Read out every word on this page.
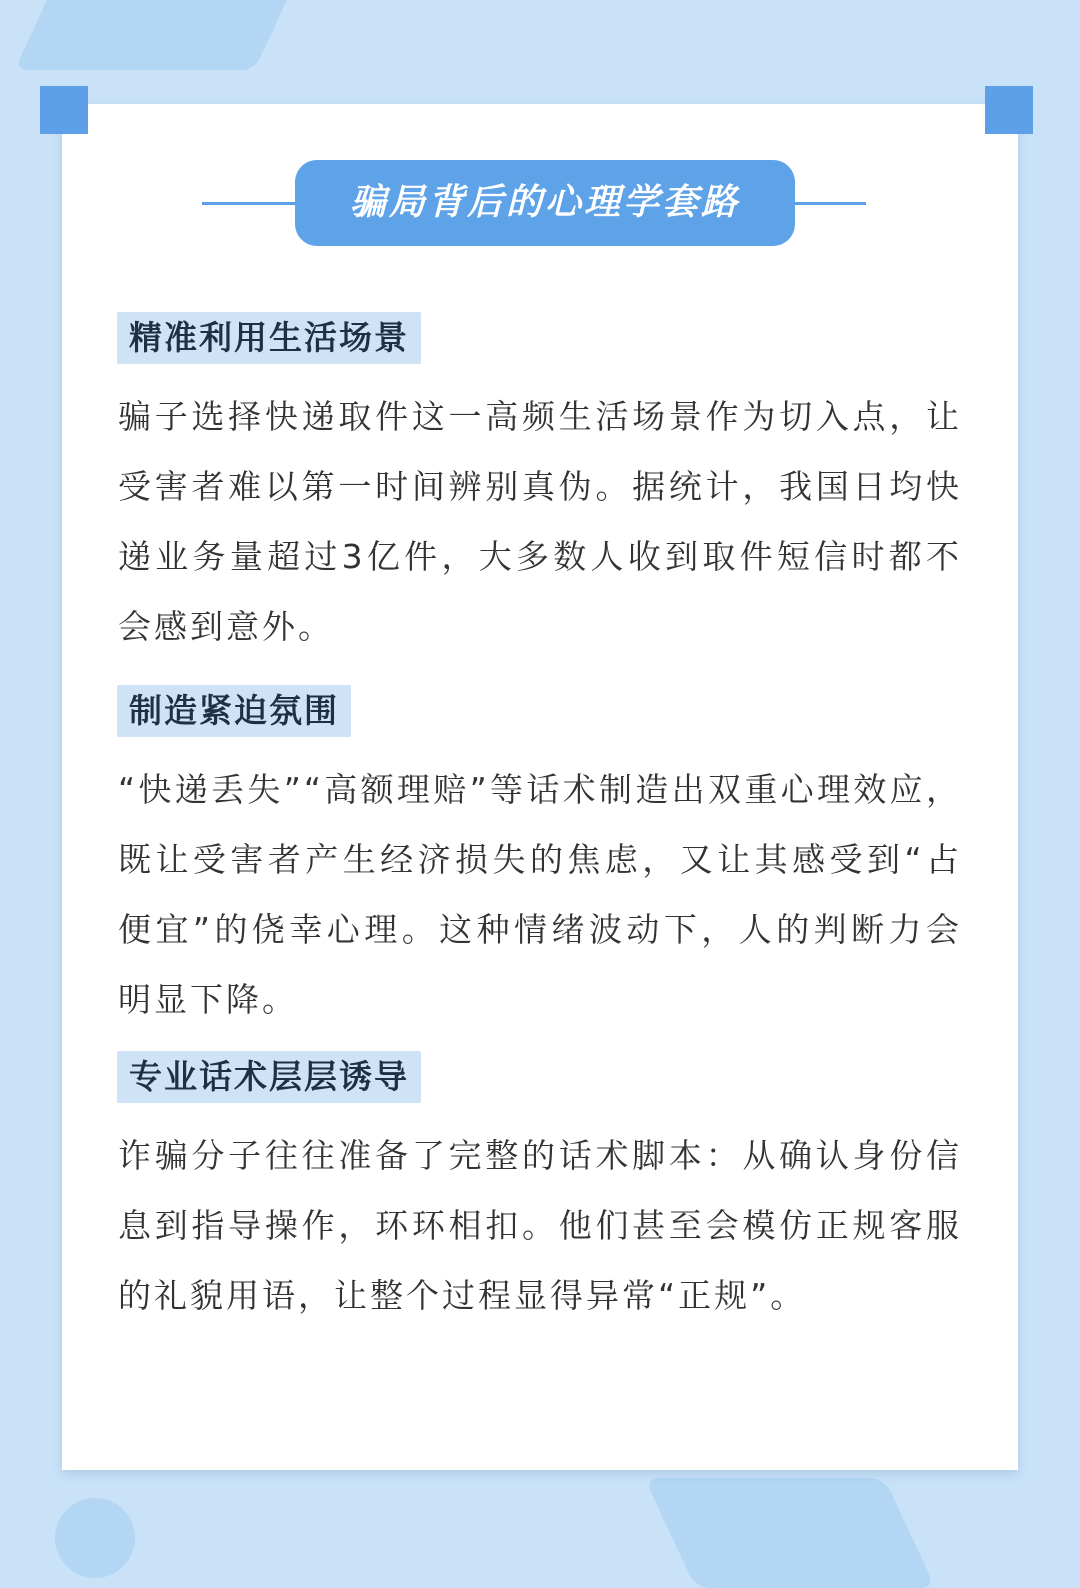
骗局背后的心理学套路
精准利用生活场景
骗子选择快递取件这一高频生活场景作为切入点，让受害者难以第一时间辨别真伪。据统计，我国日均快递业务量超过3亿件，大多数人收到取件短信时都不会感到意外。
制造紧迫氛围
“快递丢失”“高额理赔”等话术制造出双重心理效应，既让受害者产生经济损失的焦虑，又让其感受到“占便宜”的侥幸心理。这种情绪波动下，人的判断力会明显下降。
专业话术层层诱导
诈骗分子往往准备了完整的话术脚本：从确认身份信息到指导操作，环环相扣。他们甚至会模仿正规客服的礼貌用语，让整个过程显得异常“正规”。
